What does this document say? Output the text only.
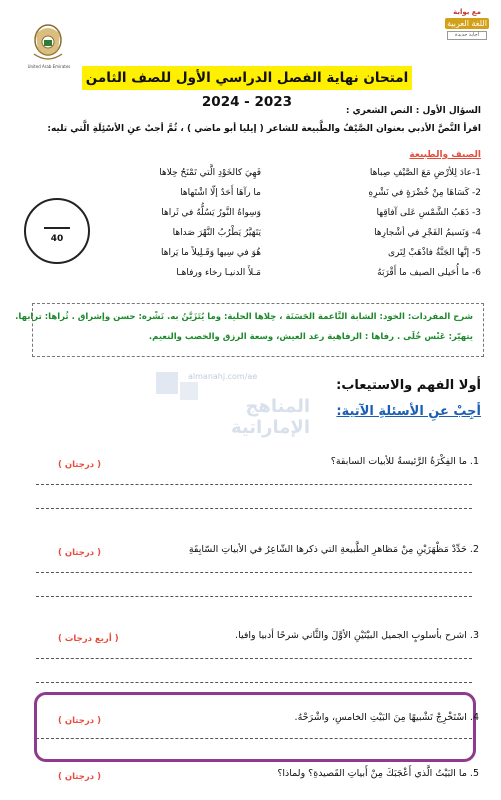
United Arab Emirates
مع بوابة
اللغة العربية
أجابة جديدة
امتحان نهاية الفصل الدراسي الأول للصف الثامن 2023 - 2024
السؤال الأول : النص الشعري :
اقرأ النَّصَّ الأدبي بعنوان الصَّيْفُ والطَّبيعة للشاعر ( إيليا أبو ماضي ) ، ثُمَّ أجبْ عنِ الأسْئِلَةِ الَّتي تليه:
الصيف والطبيعة
1-عادَ لِلأرْضِ مَعَ الصَّيْفِ صِباها
فَهِيَ كالخَوْدِ الَّتي تَمْنَحُ حِلاها
2- كَسَاهَا مِنْ خُضْرَةٍ في نَشْرِهِ
ما رآهَا أَحَدٌ إلّا اشْتَهاها
3- ذَهَبُ الشَّمْسِ عَلى آفاقِها
وَسِواهُ النَّورُ يَسُلُّهُ في ثَراها
4- وَنَسيمُ الفَجْرِ في أشْجارِها
يَتَهَيَّرُ يَطْرُبُ النَّهْرَ صَداها
5- إنَّها الجَنَّةُ فاذْهَبْ لِتَرى
هُوَ في سِيها وَقَـلِيلاً ما يَراها
6- ما أُحَيلى الصيف ما أَقْرَبَهُ
مَـلأَ الدنيـا رخاء ورفاهـا
40
شرح المفردات: الخود: الشابة النَّاعمة الحَسَنَة ، حِلاها الحلية: وما يُتَزَيَّنُ به. نَشْره: حسن وإشراق . ثُراها: ترابها.
يتهيّر: عَنْس خُلَى . رفاها : الرفاهية رغد العيش، وسعة الرزق والخصب والنعيم.
almanahj.com/ae
المناهج الإماراتية
أولا الفهم والاستيعاب:
أجِبْ عنِ الأسئلةِ الآتية:
1. ما الفِكْرَةُ الرَّئيسةُ للأبيات السابقة؟
( درجتان )
2. حَدِّدْ مَظْهَرَيْنِ مِنْ مَظاهرِ الطَّبيعةِ التي ذكرها الشّاعِرُ في الأبياتِ السّابِقَةِ
( درجتان )
3. اشرح بأسلوبٍ الجميل البيْتَيْنِ الأوَّلَ والثَّاني شرحًا أدبيا وافيا.
( أربع درجات )
4. اسْتَخْرِجْ تَشْبيهًا مِنَ البَيْتِ الخامسِ، واشْرَحْهُ.
( درجتان )
5. ما البَيْتُ الَّذي أَعْجَبَكَ مِنْ أَبياتِ القَصيدةِ؟ ولماذا؟
( درجتان )
